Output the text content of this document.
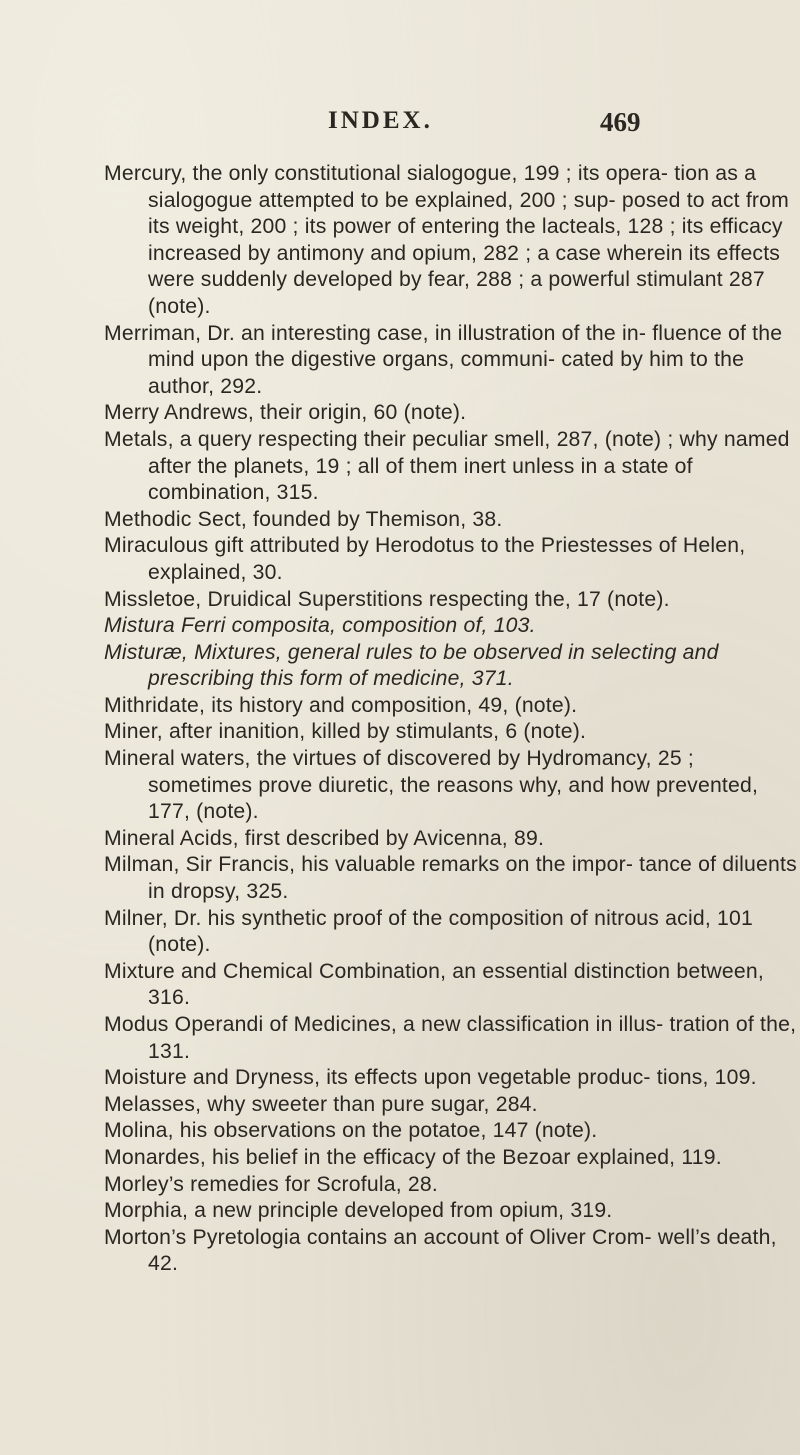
INDEX.	469
Mercury, the only constitutional sialogogue, 199 ; its opera- tion as a sialogogue attempted to be explained, 200 ; sup- posed to act from its weight, 200 ; its power of entering the lacteals, 128 ; its efficacy increased by antimony and opium, 282 ; a case wherein its effects were suddenly developed by fear, 288 ; a powerful stimulant 287 (note).
Merriman, Dr. an interesting case, in illustration of the in- fluence of the mind upon the digestive organs, communi- cated by him to the author, 292.
Merry Andrews, their origin, 60 (note).
Metals, a query respecting their peculiar smell, 287, (note) ; why named after the planets, 19 ; all of them inert unless in a state of combination, 315.
Methodic Sect, founded by Themison, 38.
Miraculous gift attributed by Herodotus to the Priestesses of Helen, explained, 30.
Missletoe, Druidical Superstitions respecting the, 17 (note).
Mistura Ferri composita, composition of, 103.
Misturæ, Mixtures, general rules to be observed in selecting and prescribing this form of medicine, 371.
Mithridate, its history and composition, 49, (note).
Miner, after inanition, killed by stimulants, 6 (note).
Mineral waters, the virtues of discovered by Hydromancy, 25 ; sometimes prove diuretic, the reasons why, and how prevented, 177, (note).
Mineral Acids, first described by Avicenna, 89.
Milman, Sir Francis, his valuable remarks on the impor- tance of diluents in dropsy, 325.
Milner, Dr. his synthetic proof of the composition of nitrous acid, 101 (note).
Mixture and Chemical Combination, an essential distinction between, 316.
Modus Operandi of Medicines, a new classification in illus- tration of the, 131.
Moisture and Dryness, its effects upon vegetable produc- tions, 109.
Melasses, why sweeter than pure sugar, 284.
Molina, his observations on the potatoe, 147 (note).
Monardes, his belief in the efficacy of the Bezoar explained, 119.
Morley’s remedies for Scrofula, 28.
Morphia, a new principle developed from opium, 319.
Morton’s Pyretologia contains an account of Oliver Crom- well’s death, 42.
